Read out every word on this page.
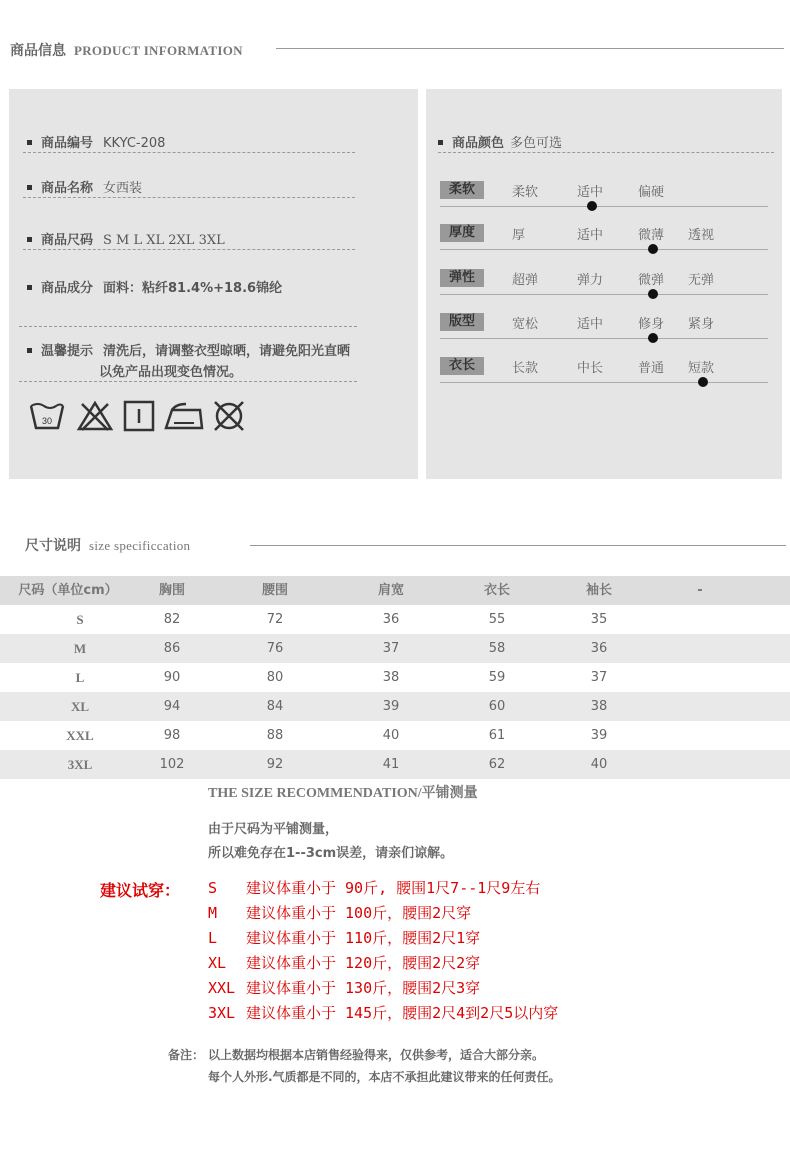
商品信息 PRODUCT INFORMATION
商品编号 KKYC-208
商品名称 女西装
商品尺码 S M L XL 2XL 3XL
商品成分 面料：粘纤81.4%+18.6锦纶
温馨提示 清洗后，请调整衣型晾晒，请避免阳光直晒
以免产品出现变色情况。
30
商品颜色 多色可选
柔软	柔软	适中	偏硬
厚度	厚	适中	微薄 透视
弹性	超弹	弹力	微弹 无弹
版型	宽松	适中	修身 紧身
衣长	长款	中长	普通 短款
尺寸说明 size specificcation
尺码（单位cm）	胸围	腰围	肩宽	衣长	袖长	-
S	82	72	36	55	35
M	86	76	37	58	36
L	90	80	38	59	37
XL	94	84	39	60	38
XXL	98	88	40	61	39
3XL	102	92	41	62	40
THE SIZE RECOMMENDATION/平铺测量
由于尺码为平铺测量，
所以难免存在1--3cm误差，请亲们谅解。
建议试穿： S 建议体重小于 90斤, 腰围1尺7--1尺9左右
M 建议体重小于 100斤，腰围2尺穿
L 建议体重小于 110斤，腰围2尺1穿
XL 建议体重小于 120斤，腰围2尺2穿
XXL 建议体重小于 130斤，腰围2尺3穿
3XL 建议体重小于 145斤，腰围2尺4到2尺5以内穿
备注： 以上数据均根据本店销售经验得来，仅供参考，适合大部分亲。
每个人外形.气质都是不同的，本店不承担此建议带来的任何责任。
